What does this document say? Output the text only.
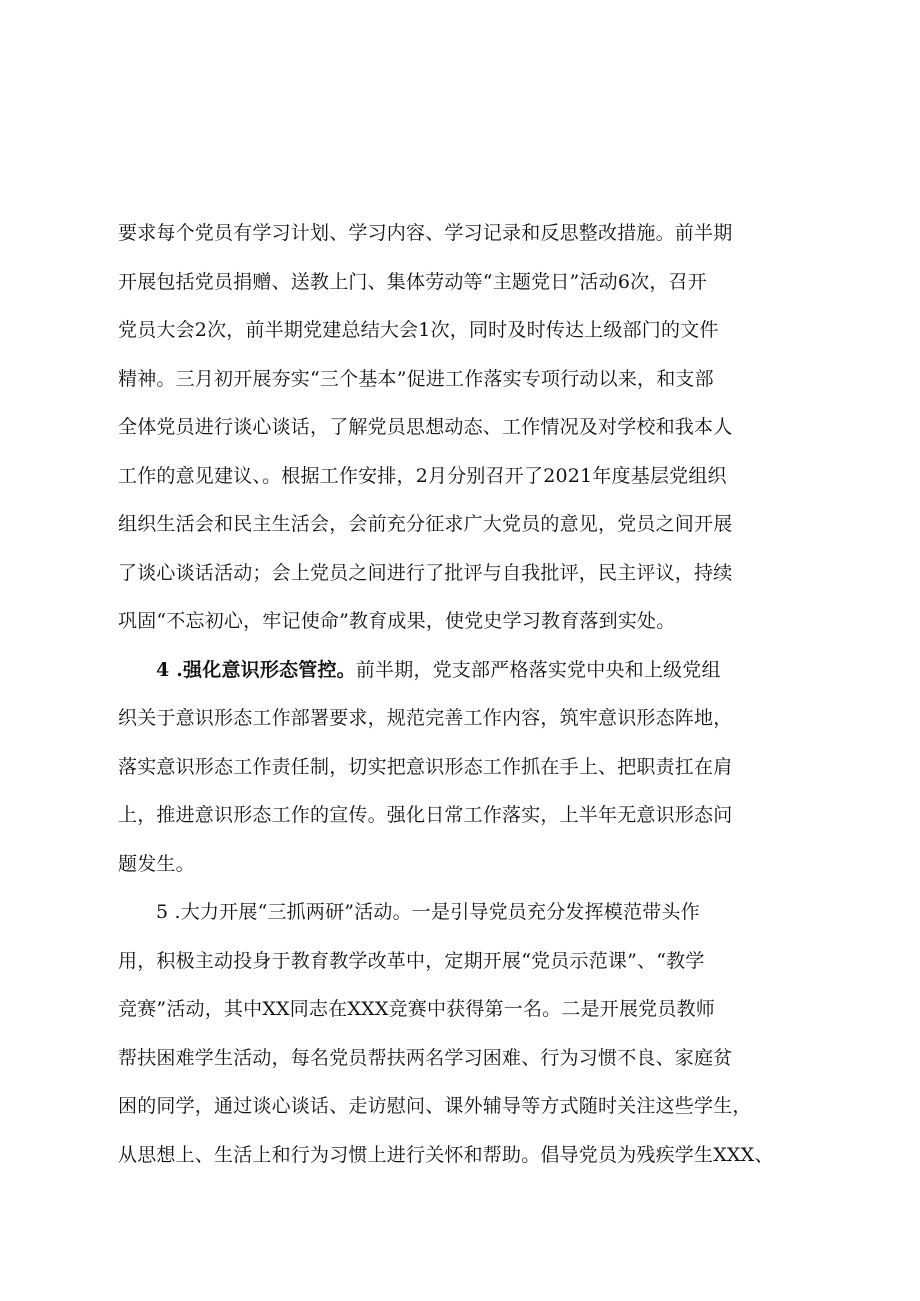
要求每个党员有学习计划、学习内容、学习记录和反思整改措施。前半期
开展包括党员捐赠、送教上门、集体劳动等“主题党日”活动6次，召开
党员大会2次，前半期党建总结大会1次，同时及时传达上级部门的文件
精神。三月初开展夯实“三个基本”促进工作落实专项行动以来，和支部
全体党员进行谈心谈话，了解党员思想动态、工作情况及对学校和我本人
工作的意见建议、。根据工作安排，2月分别召开了2021年度基层党组织
组织生活会和民主生活会，会前充分征求广大党员的意见，党员之间开展
了谈心谈话活动；会上党员之间进行了批评与自我批评，民主评议，持续
巩固“不忘初心，牢记使命”教育成果，使党史学习教育落到实处。
4 .强化意识形态管控。前半期，党支部严格落实党中央和上级党组
织关于意识形态工作部署要求，规范完善工作内容，筑牢意识形态阵地，
落实意识形态工作责任制，切实把意识形态工作抓在手上、把职责扛在肩
上，推进意识形态工作的宣传。强化日常工作落实，上半年无意识形态问
题发生。
5 .大力开展“三抓两研”活动。一是引导党员充分发挥模范带头作
用，积极主动投身于教育教学改革中，定期开展“党员示范课”、“教学
竞赛”活动，其中XX同志在XXX竞赛中获得第一名。二是开展党员教师
帮扶困难学生活动，每名党员帮扶两名学习困难、行为习惯不良、家庭贫
困的同学，通过谈心谈话、走访慰问、课外辅导等方式随时关注这些学生，
从思想上、生活上和行为习惯上进行关怀和帮助。倡导党员为残疾学生XXX、
